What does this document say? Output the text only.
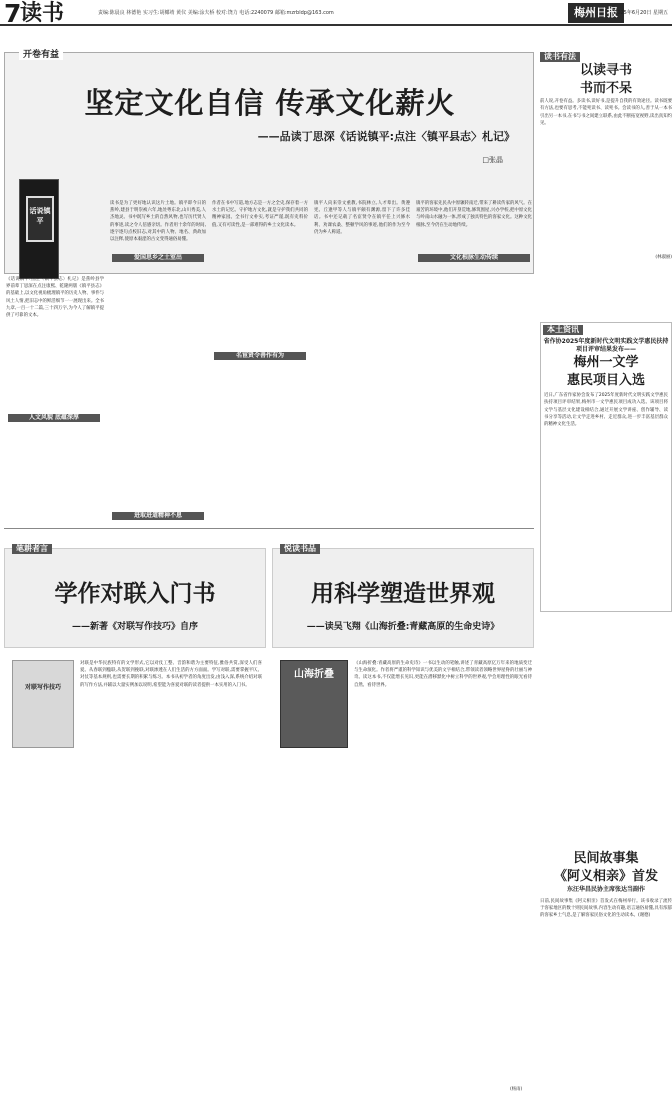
7
读书	责编:陈晨良 林德艳 实习生:胡椰靖 黄仪 美编:涂夫桥 校对:饶力 电话:2240079 邮箱:mzrbldp@163.com	梅州日报
2025年6月20日 星期五
开卷有益
坚定文化自信 传承文化薪火
——品读丁思深《话说镇平:点注〈镇平县志〉札记》
□张晶
话说镇平
《话说镇平:点注〈镇平县志〉札记》是蕉岭县学界前辈丁思深在点注康熙、乾隆两版《镇平县志》的基础上,以文化视角梳理镇平的历史人物、事件与风土人情,把旧志中的鲜活细节一一展现出来。全书九章,一百一十二篇,三十四万字,为今人了解镇平提供了可靠的文本。
人文风貌 底蕴深厚
读书是为了更好地认识这片土地。镇平即今日的蕉岭,建县于明崇祯六年,地处粤东北,山川秀美,人杰地灵。书中既写乡土的自然风物,也写历代贤人的事迹,读之令人倍感亲切。作者用十余年的时间,逐字逐句点校旧志,对其中的人物、地名、典故加以注释,使原本艰涩的古文变得通俗易懂。
爱国思乡之土室出
进取进道精神不息
作者在书中写道,地方志是一方之全史,保存着一方水土的记忆。守护地方文化,就是守护我们共同的精神家园。全书行文朴实,考证严谨,既有史料价值,又有可读性,是一部难得的乡土文化读本。
名宦贤令善作有为
镇平人向来崇文重教,书院林立,人才辈出。黄遵宪、丘逢甲等人与镇平颇有渊源,留下了许多佳话。书中还记载了名宦贤令在镇平任上兴修水利、劝课农桑、整顿学风的事迹,他们的作为至今仍为乡人称道。
镇平的客家先民从中原辗转南迁,带来了耕读传家的风气。在艰苦的环境中,他们开垦荒地,修筑围屋,兴办学校,把中原文化与岭南山水融为一体,形成了独具特色的客家文化。这种文化根脉,至今仍在生动地传续。
文化根脉生动传续
读书有法
以读寻书
书而不呆
前人说,开卷有益。多读书,读好书,是提升自我的有效途径。读书既要有方法,也要有思考,不能死读书、读死书。会读书的人,善于从一本书引出另一本书,在书与书之间建立联系,由此不断拓宽视野,读出真知灼见。
(林淑丽)
本土资讯
省作协2025年度新时代文明实践文学惠民扶持项目评审结果发布——
梅州一文学
惠民项目入选
近日,广东省作家协会发布了2025年度新时代文明实践文学惠民扶持项目评审结果,梅州市一文学惠民项目成功入选。该项目将文学与基层文化建设相结合,通过开展文学讲座、创作辅导、读书分享等活动,让文学走进乡村、走近群众,进一步丰富基层群众的精神文化生活。
笔耕者言
学作对联入门书
——新著《对联写作技巧》自序
对联写作技巧
对联是中华民族特有的文学形式,它以对仗工整、音韵和谐为主要特征,雅俗共赏,深受人们喜爱。从春联到楹联,从贺联到挽联,对联渗透在人们生活的方方面面。学写对联,需要掌握平仄、对仗等基本规则,也需要长期的积累与练习。本书从初学者的角度出发,由浅入深,系统介绍对联的写作方法,并辅以大量实例加以说明,希望能为喜爱对联的读者提供一本实用的入门书。
悦读书品
用科学塑造世界观
——读吴飞翔《山海折叠:青藏高原的生命史诗》
山海折叠
《山海折叠:青藏高原的生命史诗》一书以生动的笔触,讲述了青藏高原亿万年来的地质变迁与生命演化。作者将严谨的科学知识与优美的文字相结合,带领读者领略世界屋脊的壮丽与神奇。读这本书,不仅能增长见识,更能在潜移默化中树立科学的世界观,学会用理性的眼光看待自然、看待世界。
(杨雨)
民间故事集
《阿义相亲》首发
东汪华昌民协主席张达当副作
日前,民间故事集《阿义相亲》首发式在梅州举行。该书收录了流传于客家地区的数十则民间故事,内容生动有趣,语言通俗易懂,具有浓郁的客家乡土气息,是了解客家民俗文化的生动读本。(谢德)
